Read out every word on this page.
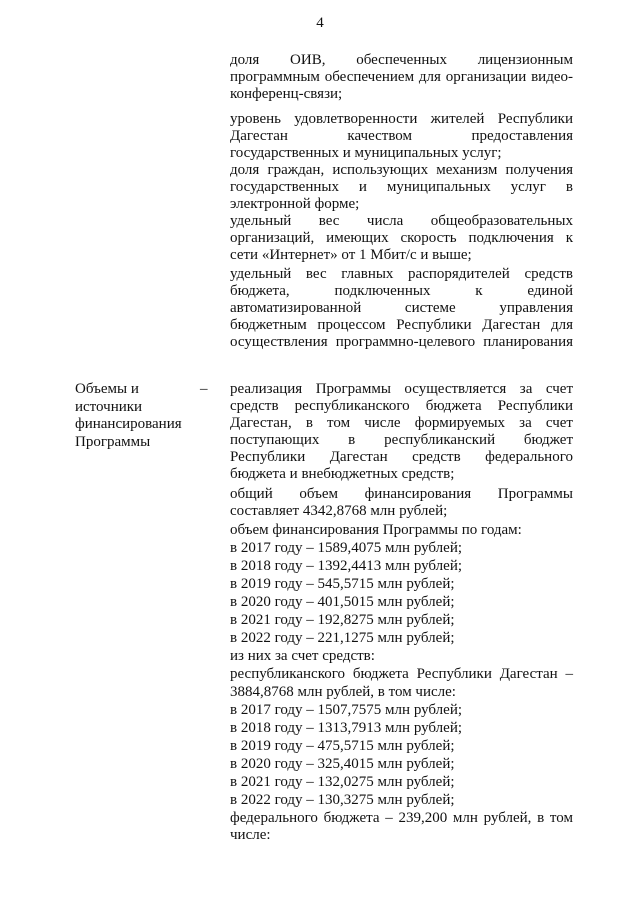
4
доля ОИВ, обеспеченных лицензионным
программным обеспечением для организации видео-
конференц-связи;
уровень удовлетворенности жителей Республики
Дагестан качеством предоставления
государственных и муниципальных услуг;
доля граждан, использующих механизм получения
государственных и муниципальных услуг в
электронной форме;
удельный вес числа общеобразовательных
организаций, имеющих скорость подключения к
сети «Интернет» от 1 Мбит/с и выше;
удельный вес главных распорядителей средств
бюджета, подключенных к единой
автоматизированной системе управления
бюджетным процессом Республики Дагестан для
осуществления программно-целевого планирования
Объемы и
источники
финансирования
Программы
– реализация Программы осуществляется за счет
средств республиканского бюджета Республики
Дагестан, в том числе формируемых за счет
поступающих в республиканский бюджет
Республики Дагестан средств федерального
бюджета и внебюджетных средств;
общий объем финансирования Программы
составляет 4342,8768 млн рублей;
объем финансирования Программы по годам:
в 2017 году – 1589,4075 млн рублей;
в 2018 году – 1392,4413 млн рублей;
в 2019 году – 545,5715 млн рублей;
в 2020 году – 401,5015 млн рублей;
в 2021 году – 192,8275 млн рублей;
в 2022 году – 221,1275 млн рублей;
из них за счет средств:
республиканского бюджета Республики Дагестан –
3884,8768 млн рублей, в том числе:
в 2017 году – 1507,7575 млн рублей;
в 2018 году – 1313,7913 млн рублей;
в 2019 году – 475,5715 млн рублей;
в 2020 году – 325,4015 млн рублей;
в 2021 году – 132,0275 млн рублей;
в 2022 году – 130,3275 млн рублей;
федерального бюджета – 239,200 млн рублей, в том
числе:
